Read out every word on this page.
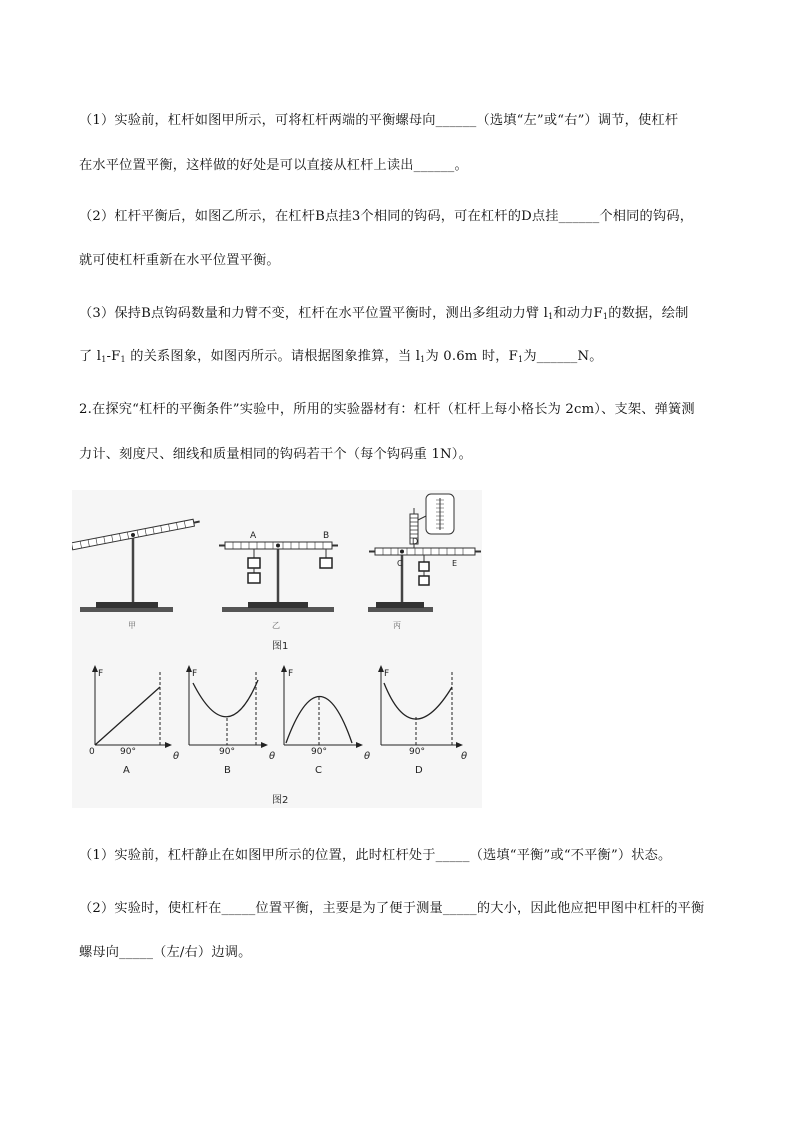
（1）实验前，杠杆如图甲所示，可将杠杆两端的平衡螺母向______（选填“左”或“右”）调节，使杠杆
在水平位置平衡，这样做的好处是可以直接从杠杆上读出______。
（2）杠杆平衡后，如图乙所示，在杠杆B点挂3个相同的钩码，可在杠杆的D点挂______个相同的钩码，
就可使杠杆重新在水平位置平衡。
（3）保持B点钩码数量和力臂不变，杠杆在水平位置平衡时，测出多组动力臂 $l_1$和动力$F_1$的数据，绘制
了 $l_1-F_1$ 的关系图象，如图丙所示。请根据图象推算，当 $l_1$为 0.6m 时，$F_1$为______N。
2.在探究“杠杆的平衡条件”实验中，所用的实验器材有：杠杆（杠杆上每小格长为 2cm）、支架、弹簧测
力计、刻度尺、细线和质量相同的钩码若干个（每个钩码重 1N）。
甲
A	B
乙
D
C	E
丙
图1
F
θ
0	90°
A
F
θ
90°
B
F
θ
90°
C
F
θ
90°
D
图2
（1）实验前，杠杆静止在如图甲所示的位置，此时杠杆处于_____（选填“平衡”或“不平衡”）状态。
（2）实验时，使杠杆在_____位置平衡，主要是为了便于测量_____的大小，因此他应把甲图中杠杆的平衡
螺母向_____（左/右）边调。
